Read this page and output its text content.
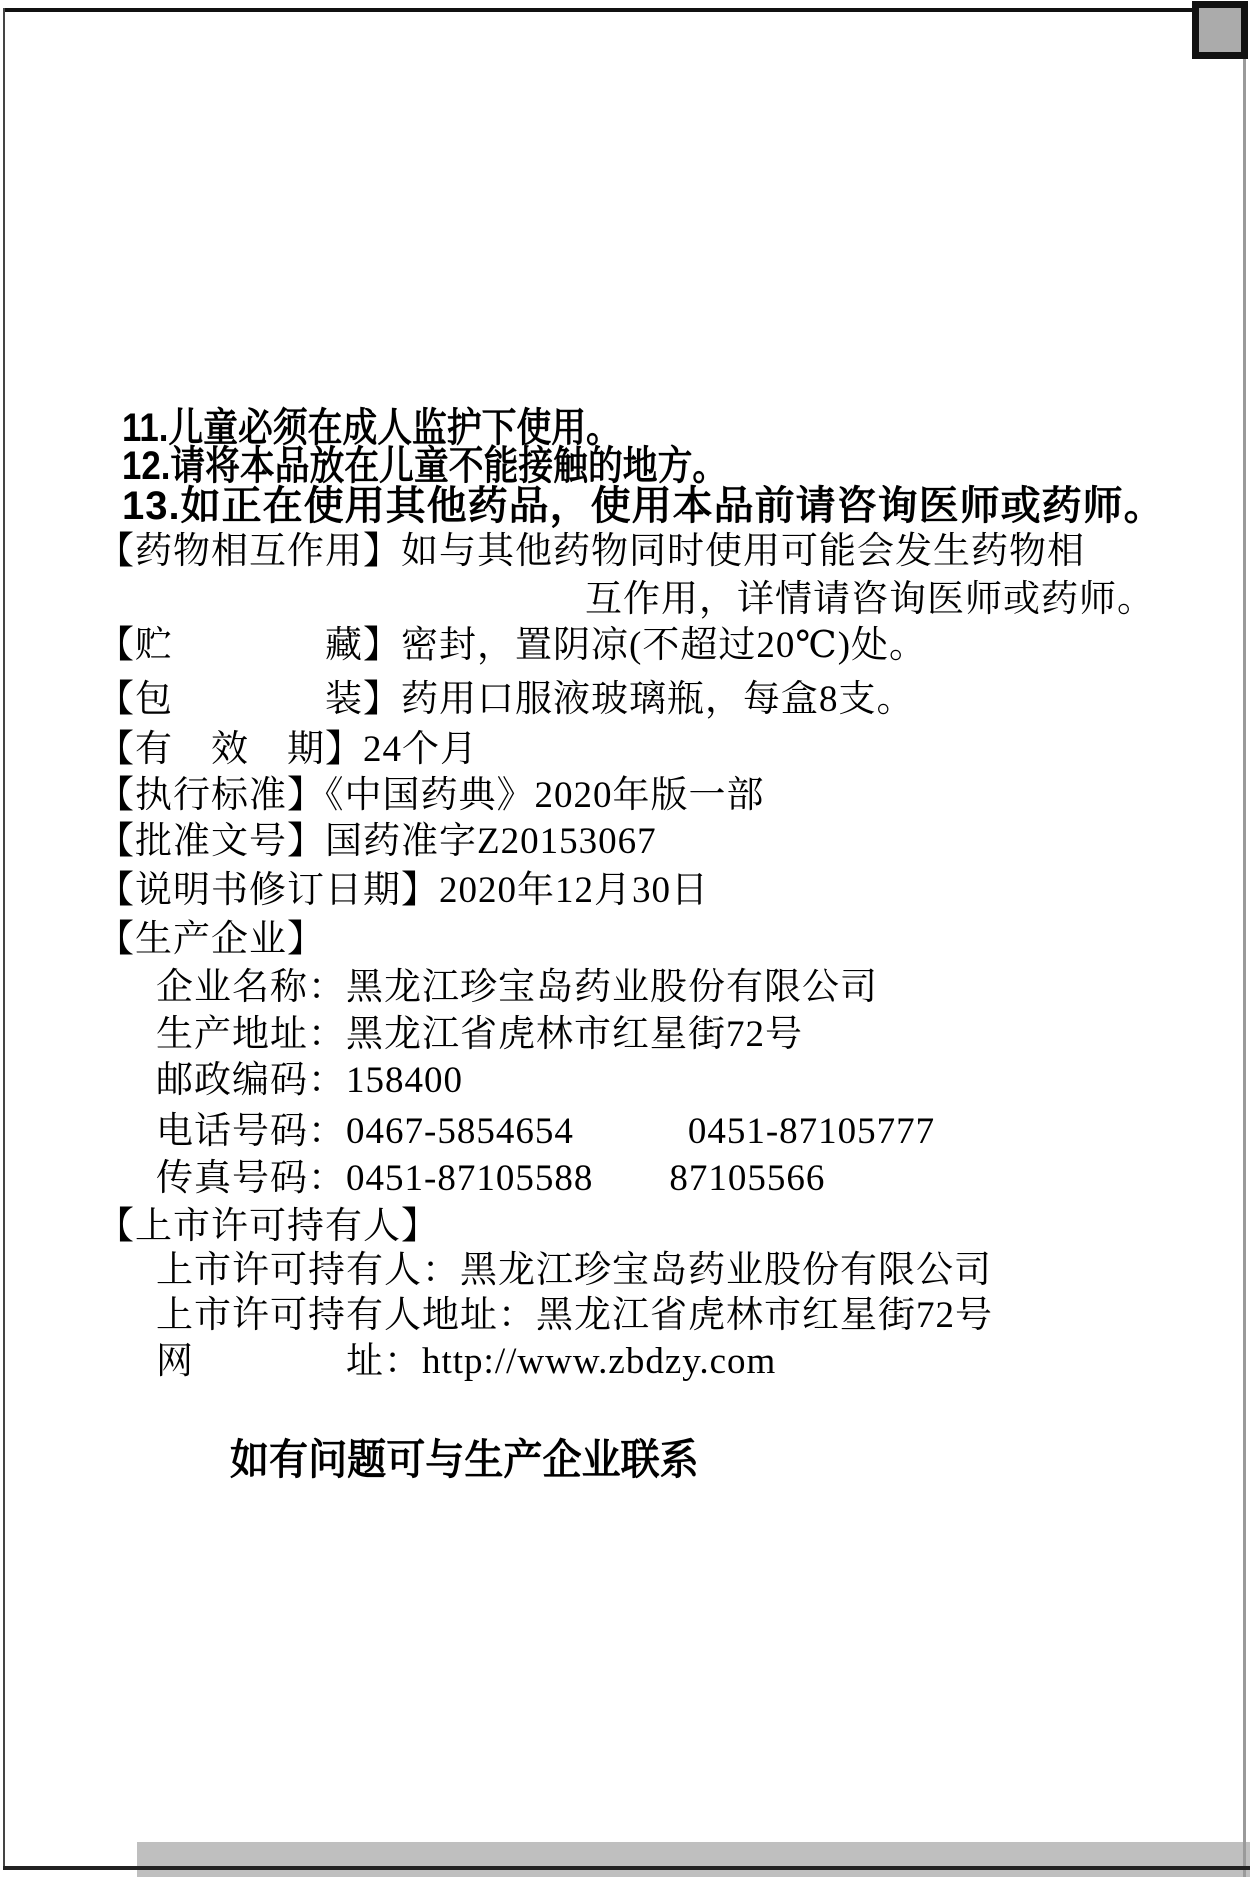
11.儿童必须在成人监护下使用。
12.请将本品放在儿童不能接触的地方。
13.如正在使用其他药品，使用本品前请咨询医师或药师。
【药物相互作用】如与其他药物同时使用可能会发生药物相
互作用，详情请咨询医师或药师。
【贮　　　　藏】密封，置阴凉(不超过20℃)处。
【包　　　　装】药用口服液玻璃瓶，每盒8支。
【有　效　期】24个月
【执行标准】《中国药典》2020年版一部
【批准文号】国药准字Z20153067
【说明书修订日期】2020年12月30日
【生产企业】
企业名称：黑龙江珍宝岛药业股份有限公司
生产地址：黑龙江省虎林市红星街72号
邮政编码：158400
电话号码：0467-5854654　　　0451-87105777
传真号码：0451-87105588　　87105566
【上市许可持有人】
上市许可持有人：黑龙江珍宝岛药业股份有限公司
上市许可持有人地址：黑龙江省虎林市红星街72号
网　　　　址：http://www.zbdzy.com
如有问题可与生产企业联系
